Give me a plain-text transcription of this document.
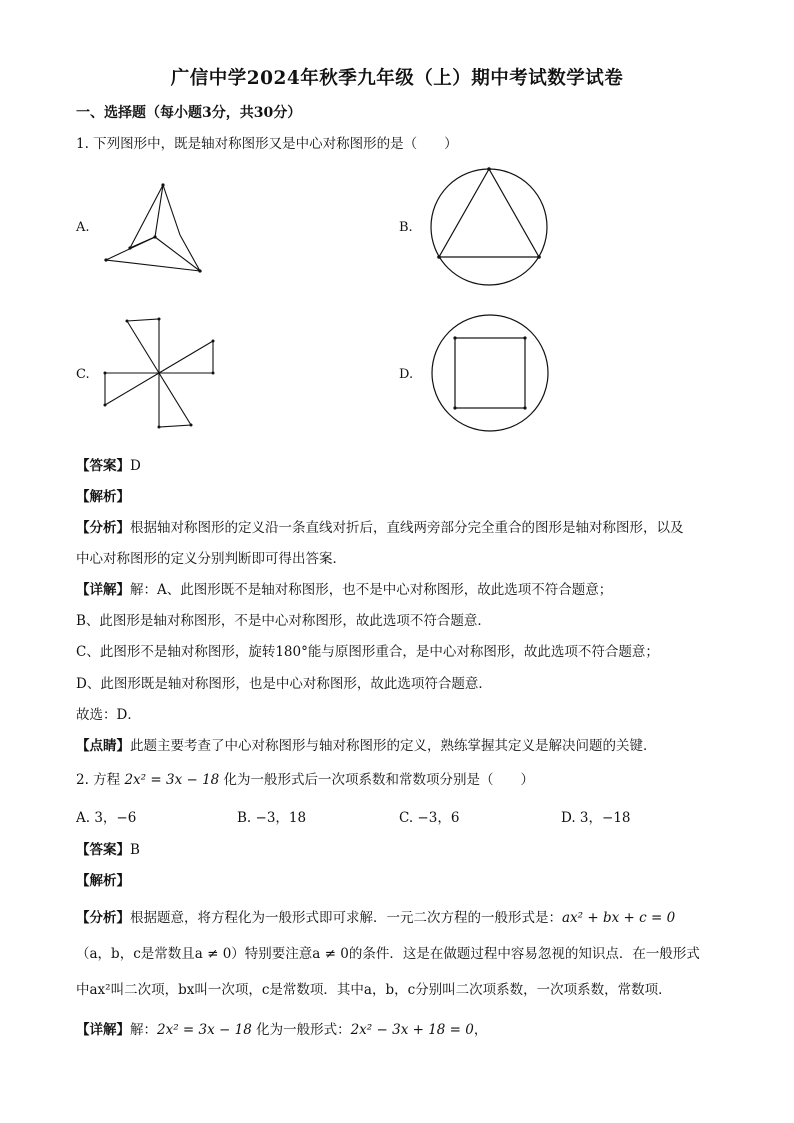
广信中学2024年秋季九年级（上）期中考试数学试卷
一、选择题（每小题3分，共30分）
1. 下列图形中，既是轴对称图形又是中心对称图形的是（　　）
A.	B.
C.	D.
【答案】D
【解析】
【分析】根据轴对称图形的定义沿一条直线对折后，直线两旁部分完全重合的图形是轴对称图形，以及
中心对称图形的定义分别判断即可得出答案．
【详解】解：A、此图形既不是轴对称图形，也不是中心对称图形，故此选项不符合题意；
B、此图形是轴对称图形，不是中心对称图形，故此选项不符合题意．
C、此图形不是轴对称图形，旋转180°能与原图形重合，是中心对称图形，故此选项不符合题意；
D、此图形既是轴对称图形，也是中心对称图形，故此选项符合题意．
故选：D．
【点睛】此题主要考查了中心对称图形与轴对称图形的定义，熟练掌握其定义是解决问题的关键．
2. 方程 2x² = 3x − 18 化为一般形式后一次项系数和常数项分别是（　　）
A. 3，−6	B. −3，18	C. −3，6	D. 3，−18
【答案】B
【解析】
【分析】根据题意，将方程化为一般形式即可求解．一元二次方程的一般形式是：ax² + bx + c = 0
（a，b，c是常数且a ≠ 0）特别要注意a ≠ 0的条件．这是在做题过程中容易忽视的知识点．在一般形式
中ax²叫二次项，bx叫一次项，c是常数项．其中a，b，c分别叫二次项系数，一次项系数，常数项．
【详解】解：2x² = 3x − 18 化为一般形式：2x² − 3x + 18 = 0，
